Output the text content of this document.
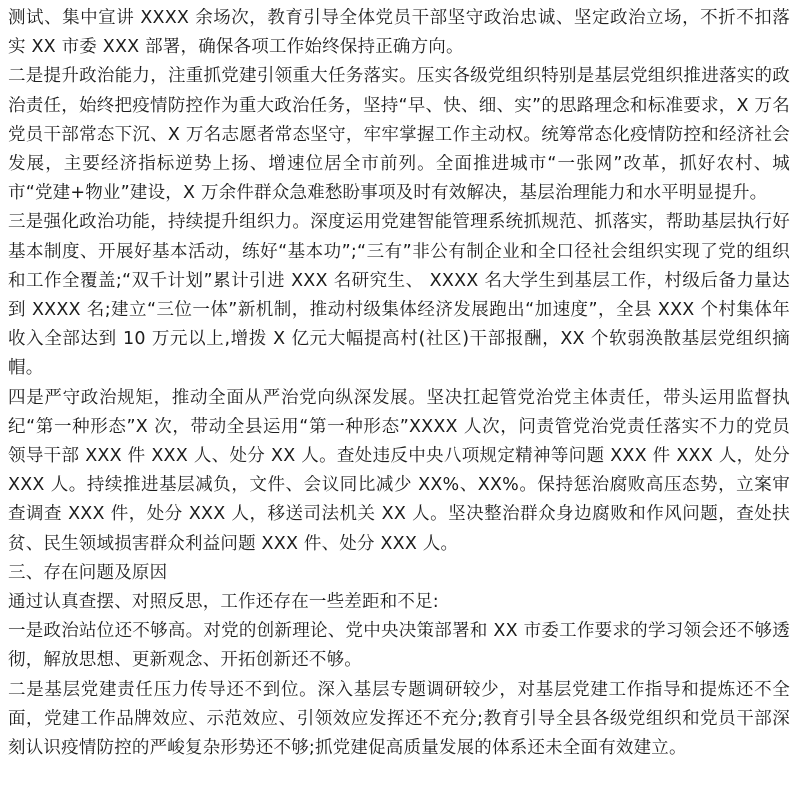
测试、集中宣讲 XXXX 余场次，教育引导全体党员干部坚守政治忠诚、坚定政治立场，不折不扣落实 XX 市委 XXX 部署，确保各项工作始终保持正确方向。

二是提升政治能力，注重抓党建引领重大任务落实。压实各级党组织特别是基层党组织推进落实的政治责任，始终把疫情防控作为重大政治任务，坚持“早、快、细、实”的思路理念和标准要求，X 万名党员干部常态下沉、X 万名志愿者常态坚守，牢牢掌握工作主动权。统筹常态化疫情防控和经济社会发展，主要经济指标逆势上扬、增速位居全市前列。全面推进城市“一张网”改革，抓好农村、城市“党建+物业”建设，X 万余件群众急难愁盼事项及时有效解决，基层治理能力和水平明显提升。

三是强化政治功能，持续提升组织力。深度运用党建智能管理系统抓规范、抓落实，帮助基层执行好基本制度、开展好基本活动，练好“基本功”;“三有”非公有制企业和全口径社会组织实现了党的组织和工作全覆盖;“双千计划”累计引进 XXX 名研究生、 XXXX 名大学生到基层工作，村级后备力量达到 XXXX 名;建立“三位一体”新机制，推动村级集体经济发展跑出“加速度”，全县 XXX 个村集体年收入全部达到 10 万元以上,增拨 X 亿元大幅提高村(社区)干部报酬，XX 个软弱涣散基层党组织摘帽。

四是严守政治规矩，推动全面从严治党向纵深发展。坚决扛起管党治党主体责任，带头运用监督执纪“第一种形态”X 次，带动全县运用“第一种形态”XXXX 人次，问责管党治党责任落实不力的党员领导干部 XXX 件 XXX 人、处分 XX 人。查处违反中央八项规定精神等问题 XXX 件 XXX 人，处分 XXX 人。持续推进基层减负，文件、会议同比减少 XX%、XX%。保持惩治腐败高压态势，立案审查调查 XXX 件，处分 XXX 人，移送司法机关 XX 人。坚决整治群众身边腐败和作风问题，查处扶贫、民生领域损害群众利益问题 XXX 件、处分 XXX 人。

三、存在问题及原因

通过认真查摆、对照反思，工作还存在一些差距和不足:

一是政治站位还不够高。对党的创新理论、党中央决策部署和 XX 市委工作要求的学习领会还不够透彻，解放思想、更新观念、开拓创新还不够。

二是基层党建责任压力传导还不到位。深入基层专题调研较少，对基层党建工作指导和提炼还不全面，党建工作品牌效应、示范效应、引领效应发挥还不充分;教育引导全县各级党组织和党员干部深刻认识疫情防控的严峻复杂形势还不够;抓党建促高质量发展的体系还未全面有效建立。
